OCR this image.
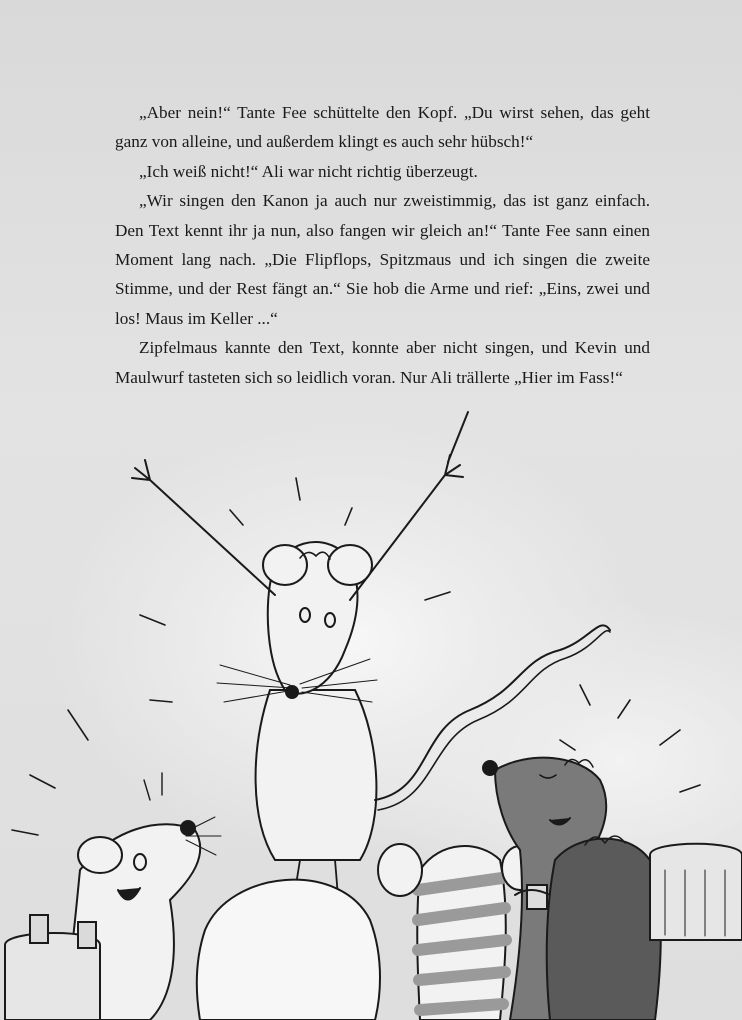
„Aber nein!“ Tante Fee schüttelte den Kopf. „Du wirst sehen, das geht ganz von alleine, und außerdem klingt es auch sehr hübsch!“

„Ich weiß nicht!“ Ali war nicht richtig überzeugt.

„Wir singen den Kanon ja auch nur zweistimmig, das ist ganz einfach. Den Text kennt ihr ja nun, also fangen wir gleich an!“ Tante Fee sann einen Moment lang nach. „Die Flipflops, Spitzmaus und ich singen die zweite Stimme, und der Rest fängt an.“ Sie hob die Arme und rief: „Eins, zwei und los! Maus im Keller ...“

Zipfelmaus kannte den Text, konnte aber nicht singen, und Kevin und Maulwurf tasteten sich so leidlich voran. Nur Ali trällerte „Hier im Fass!“
